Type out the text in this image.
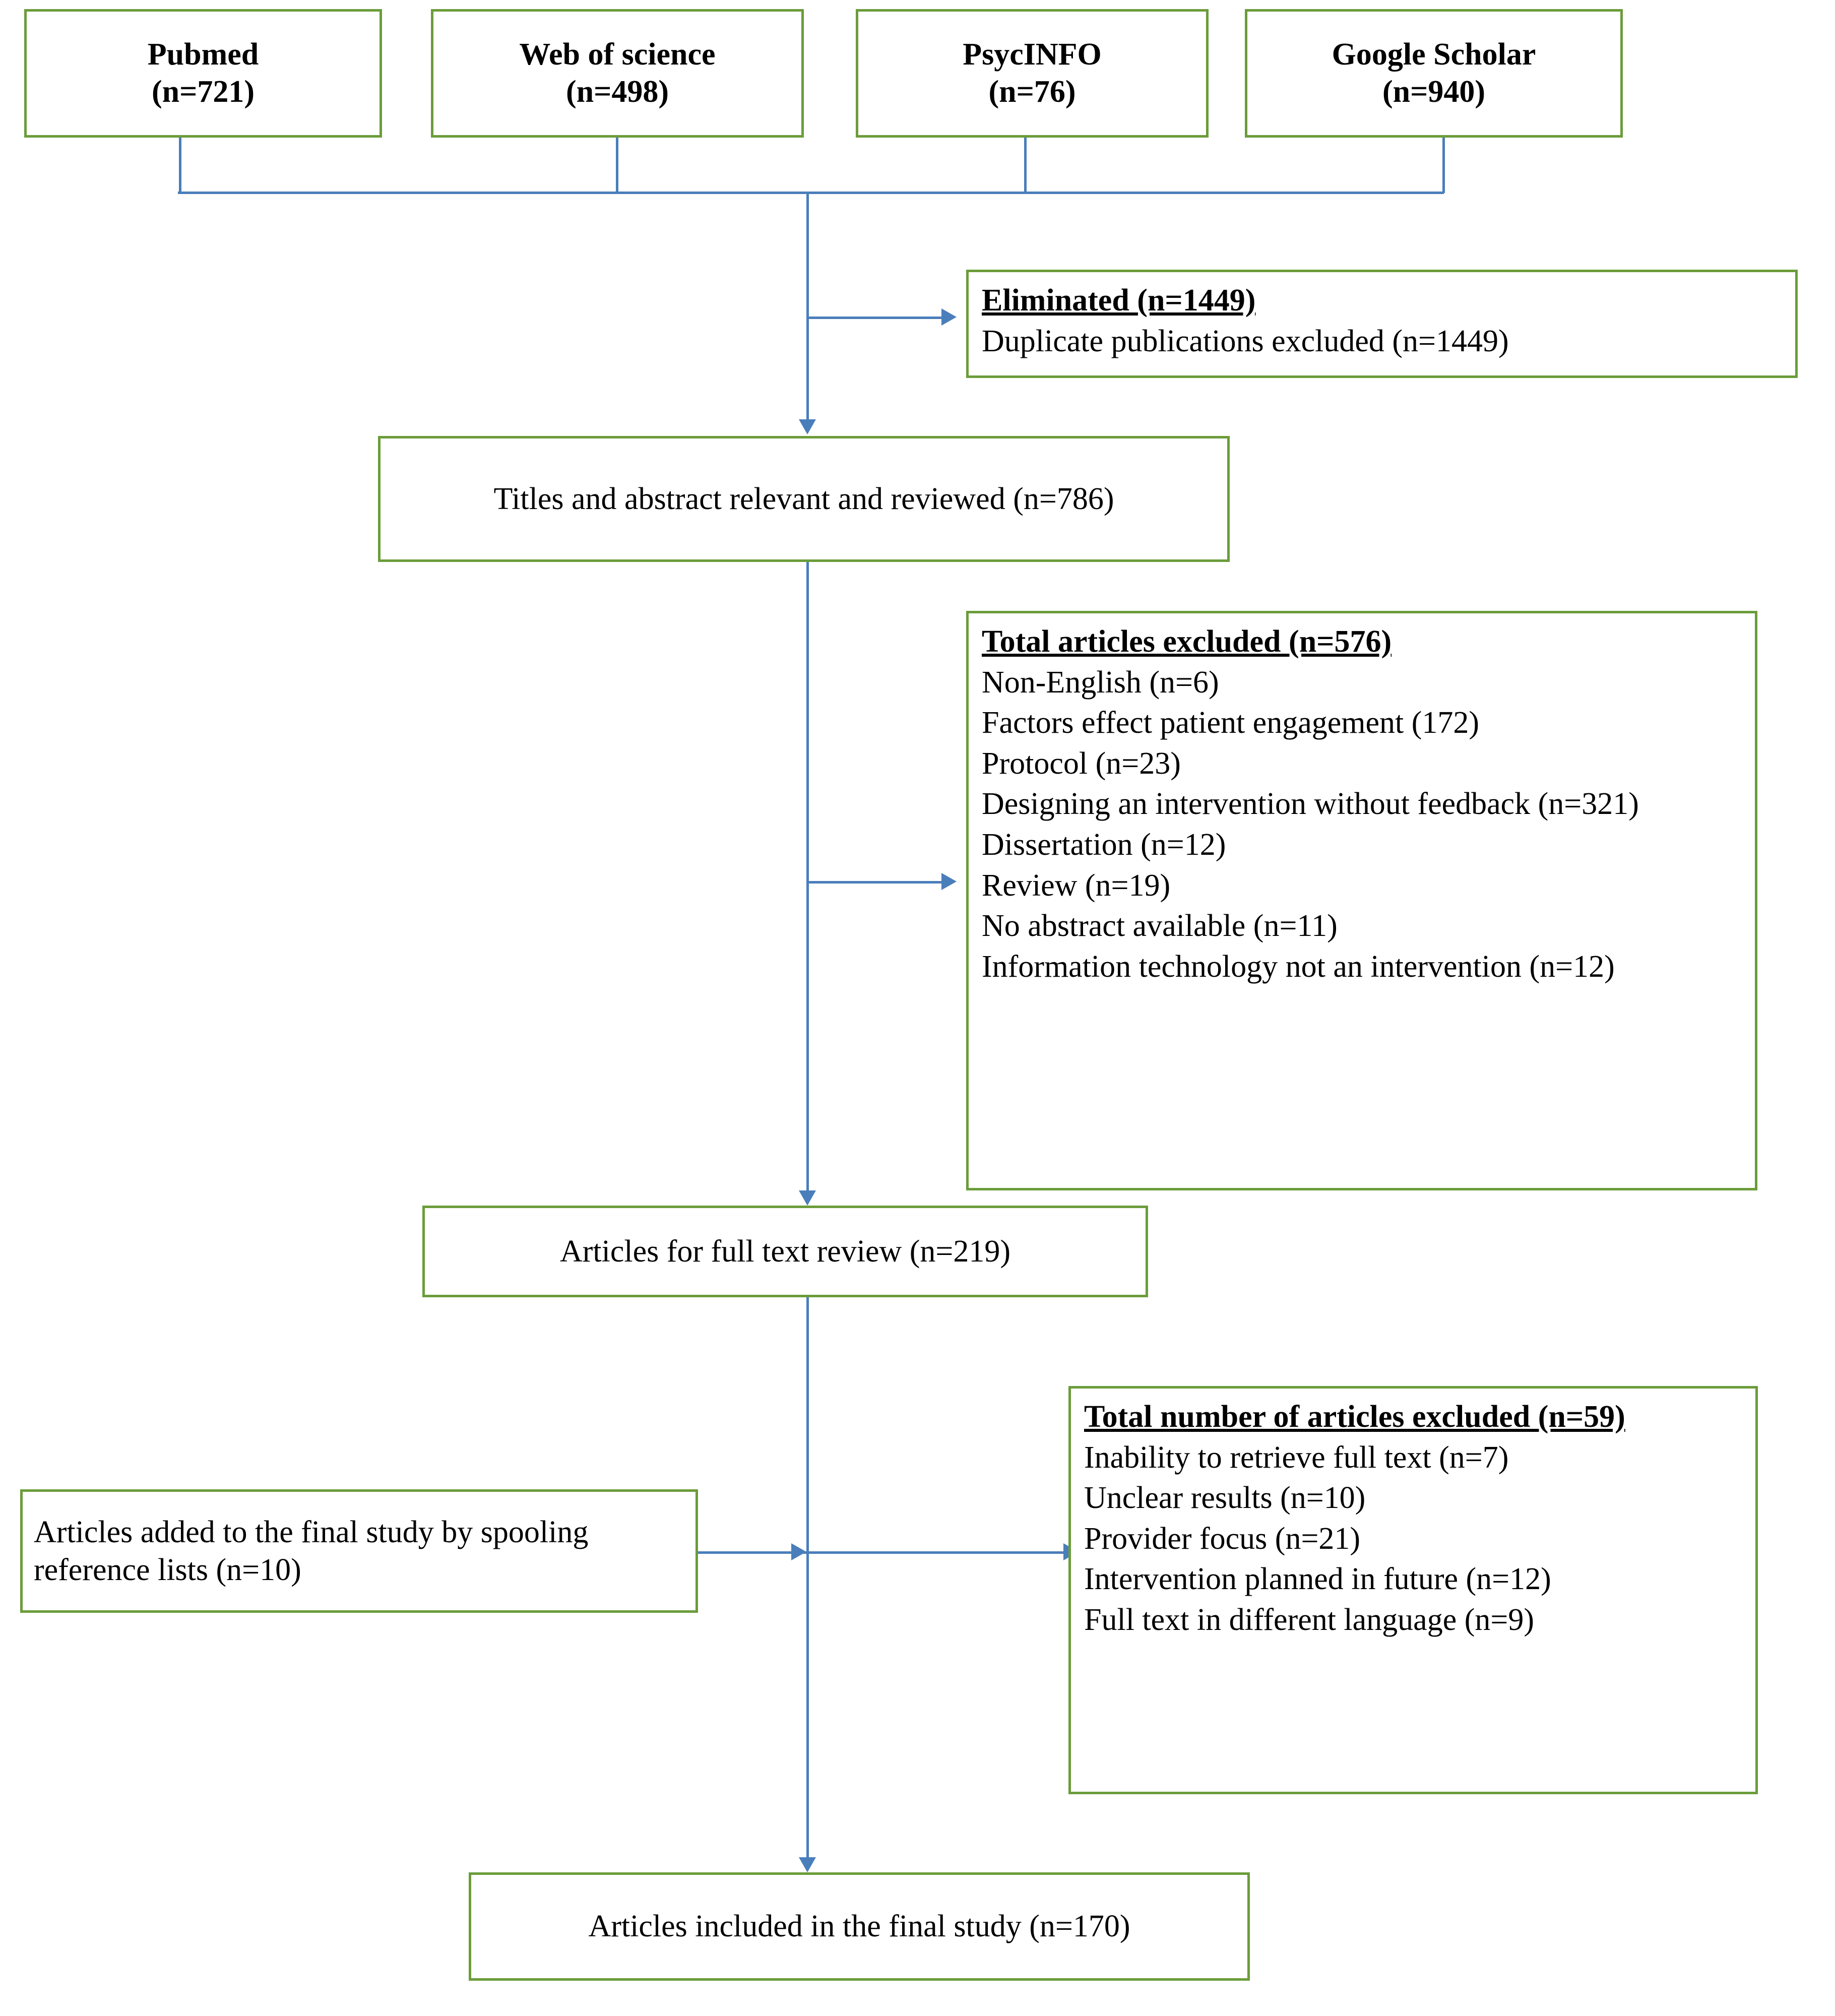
Pubmed
(n=721)
Web of science
(n=498)
PsycINFO
(n=76)
Google Scholar
(n=940)
Eliminated (n=1449)
Duplicate publications excluded (n=1449)
Titles and abstract relevant and reviewed (n=786)
Total articles excluded (n=576)
Non-English (n=6)
Factors effect patient engagement (172)
Protocol (n=23)
Designing an intervention without feedback (n=321)
Dissertation (n=12)
Review (n=19)
No abstract available (n=11)
Information technology not an intervention (n=12)
Articles for full text review (n=219)
Articles added to the final study by spooling reference lists (n=10)
Total number of articles excluded (n=59)
Inability to retrieve full text (n=7)
Unclear results (n=10)
Provider focus (n=21)
Intervention planned in future (n=12)
Full text in different language (n=9)
Articles included in the final study (n=170)
